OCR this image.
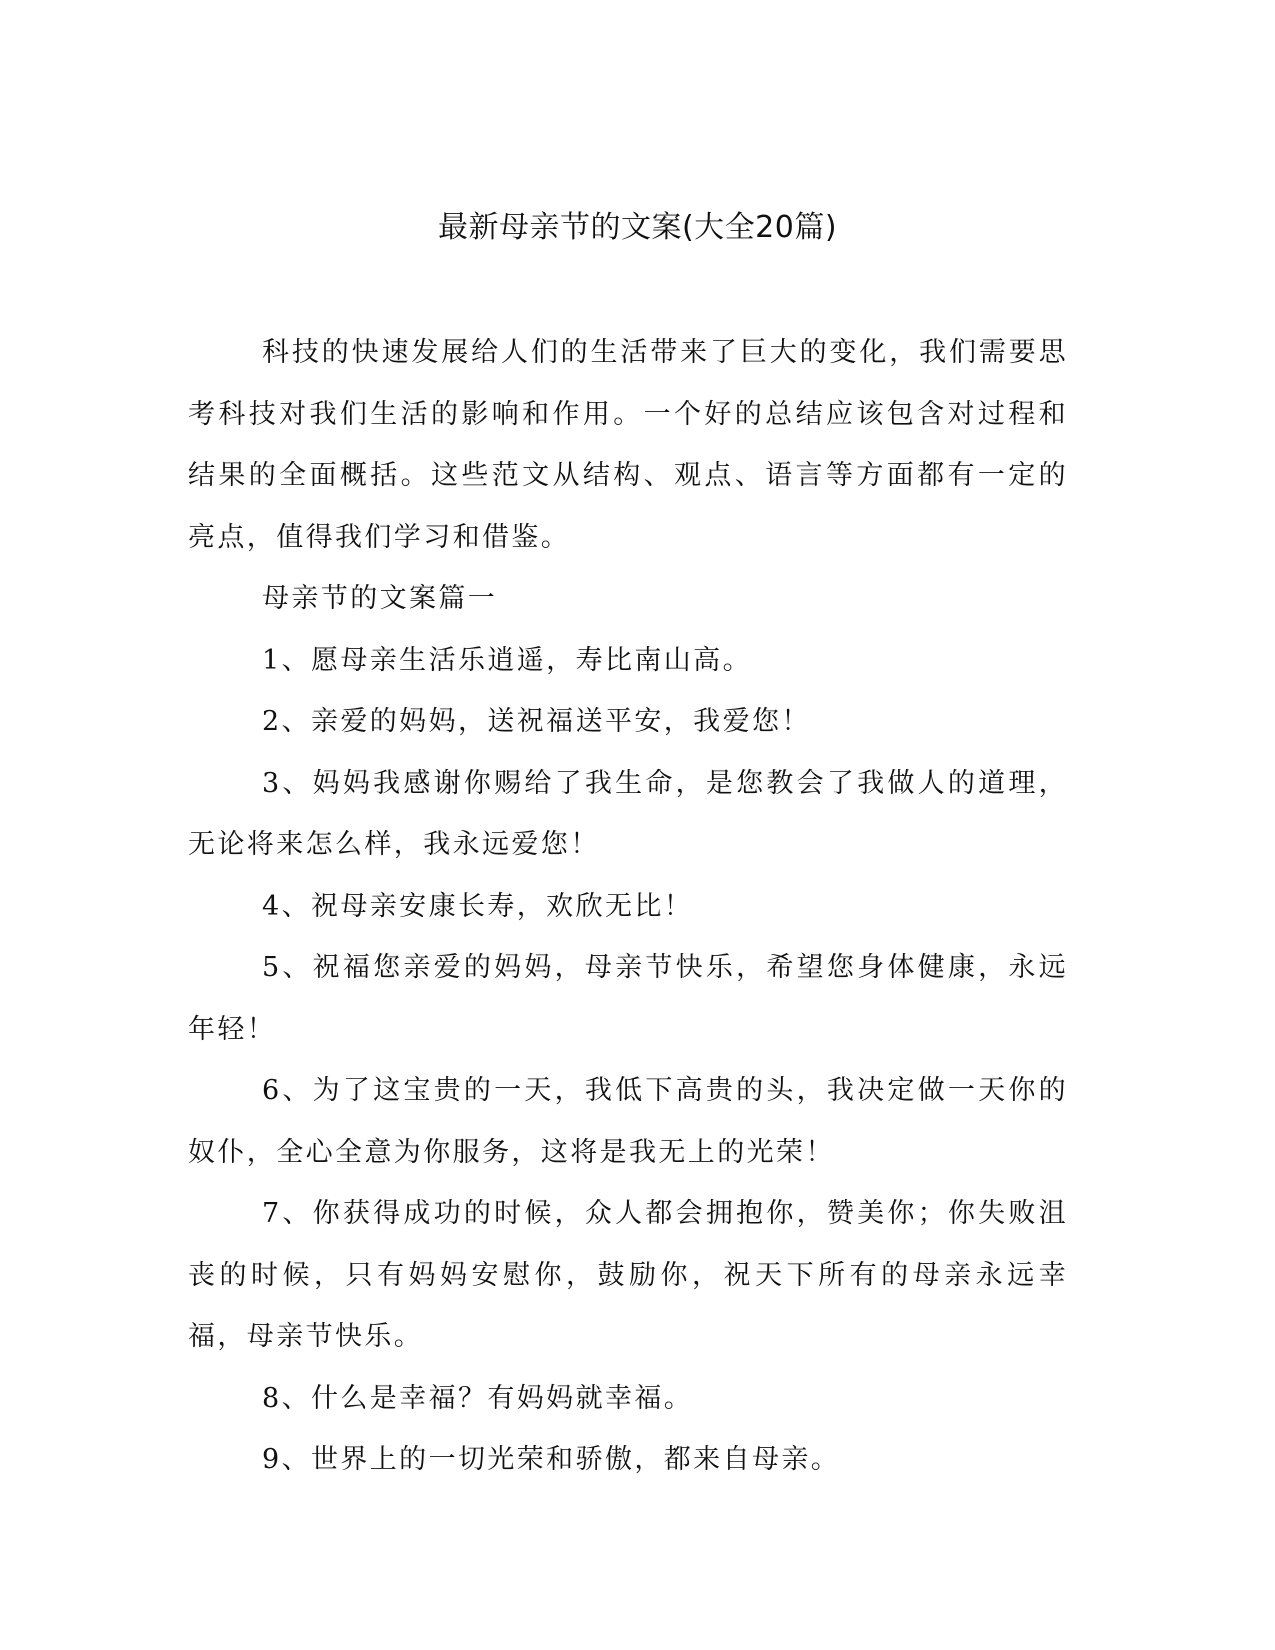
最新母亲节的文案(大全20篇)

科技的快速发展给人们的生活带来了巨大的变化，我们需要思考科技对我们生活的影响和作用。一个好的总结应该包含对过程和结果的全面概括。这些范文从结构、观点、语言等方面都有一定的亮点，值得我们学习和借鉴。

母亲节的文案篇一

1、愿母亲生活乐逍遥，寿比南山高。

2、亲爱的妈妈，送祝福送平安，我爱您！

3、妈妈我感谢你赐给了我生命，是您教会了我做人的道理，无论将来怎么样，我永远爱您！

4、祝母亲安康长寿，欢欣无比！

5、祝福您亲爱的妈妈，母亲节快乐，希望您身体健康，永远年轻！

6、为了这宝贵的一天，我低下高贵的头，我决定做一天你的奴仆，全心全意为你服务，这将是我无上的光荣！

7、你获得成功的时候，众人都会拥抱你，赞美你；你失败沮丧的时候，只有妈妈安慰你，鼓励你，祝天下所有的母亲永远幸福，母亲节快乐。

8、什么是幸福？有妈妈就幸福。

9、世界上的一切光荣和骄傲，都来自母亲。
